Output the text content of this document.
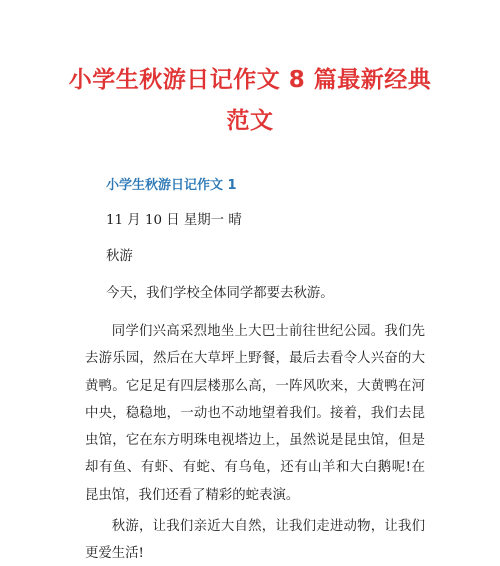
小学生秋游日记作文 8 篇最新经典
范文
小学生秋游日记作文 1
11 月 10 日 星期一 晴
秋游
今天，我们学校全体同学都要去秋游。
同学们兴高采烈地坐上大巴士前往世纪公园。我们先去游乐园，然后在大草坪上野餐，最后去看令人兴奋的大黄鸭。它足足有四层楼那么高，一阵风吹来，大黄鸭在河中央，稳稳地，一动也不动地望着我们。接着，我们去昆虫馆，它在东方明珠电视塔边上，虽然说是昆虫馆，但是却有鱼、有虾、有蛇、有乌龟，还有山羊和大白鹅呢!在昆虫馆，我们还看了精彩的蛇表演。
秋游，让我们亲近大自然，让我们走进动物，让我们更爱生活!
